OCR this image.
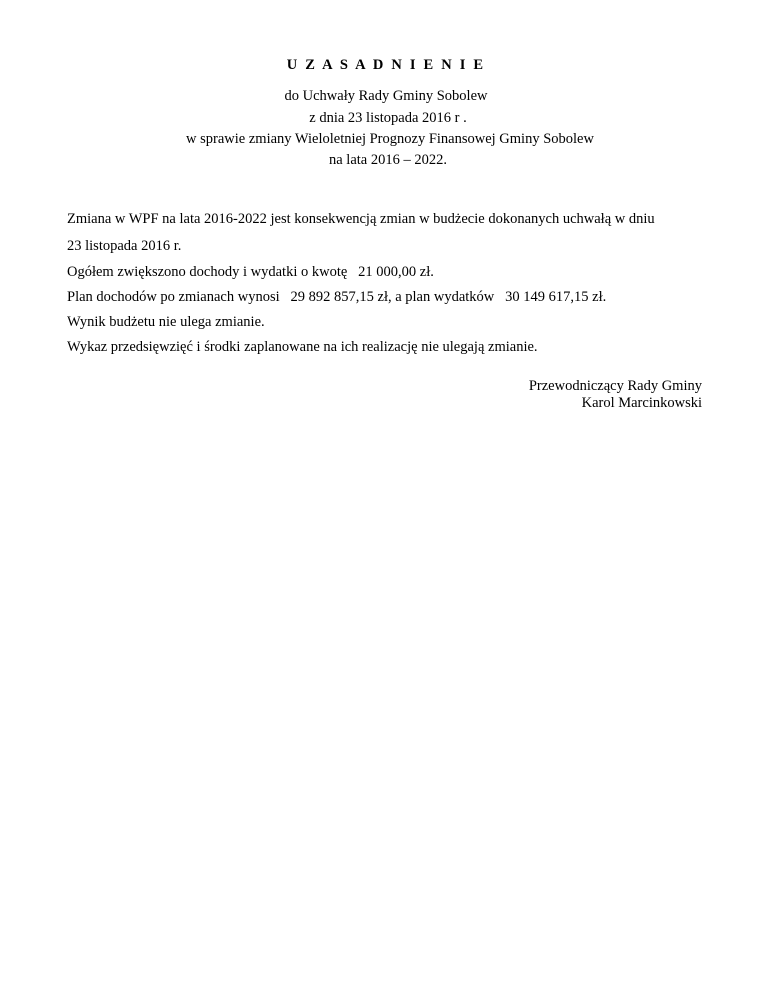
U Z A S A D N I E N I E
do Uchwały Rady Gminy Sobolew
z dnia 23 listopada 2016 r .
w sprawie zmiany Wieloletniej Prognozy Finansowej Gminy Sobolew
na lata 2016 – 2022.
Zmiana w WPF na lata 2016-2022 jest konsekwencją zmian w budżecie dokonanych uchwałą w dniu
23 listopada 2016 r.
Ogółem zwiększono dochody i wydatki o kwotę   21 000,00 zł.
Plan dochodów po zmianach wynosi   29 892 857,15 zł, a plan wydatków   30 149 617,15 zł.
Wynik budżetu nie ulega zmianie.
Wykaz przedsięwzięć i środki zaplanowane na ich realizację nie ulegają zmianie.
Przewodniczący Rady Gminy
Karol Marcinkowski
